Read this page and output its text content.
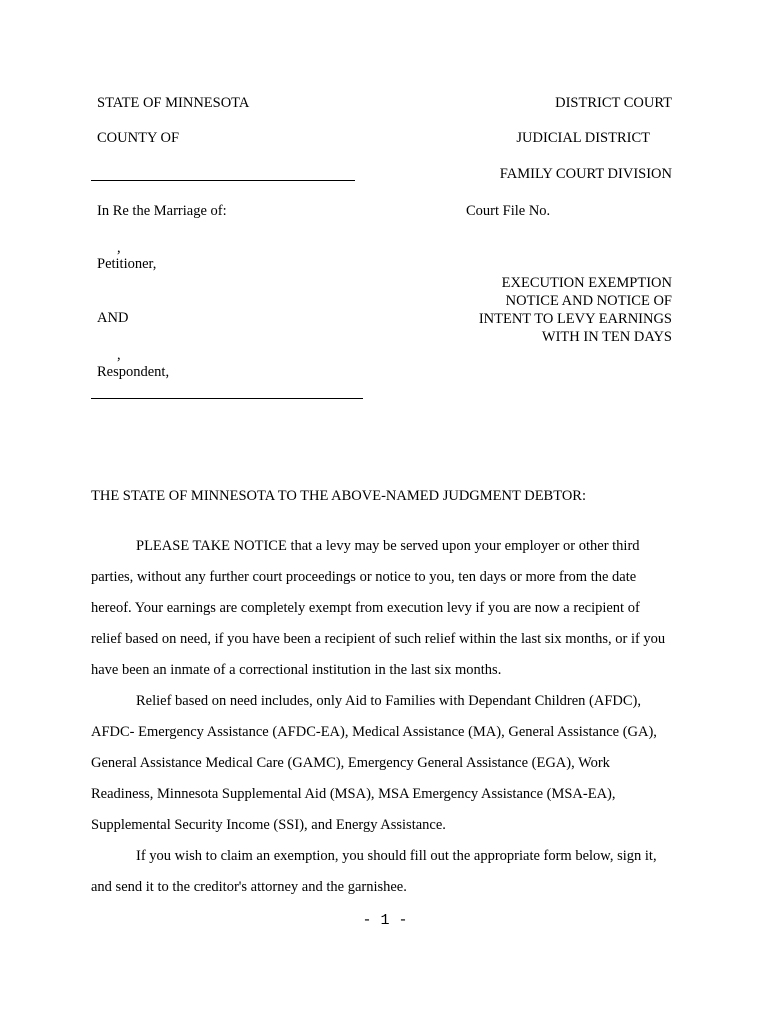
STATE OF MINNESOTA	DISTRICT COURT
COUNTY OF	JUDICIAL DISTRICT
FAMILY COURT DIVISION
In Re the Marriage of:	Court File No.
,
Petitioner,
EXECUTION EXEMPTION
NOTICE AND NOTICE OF
INTENT TO LEVY EARNINGS
WITH IN TEN DAYS
AND
,
Respondent,
THE STATE OF MINNESOTA TO THE ABOVE-NAMED JUDGMENT DEBTOR:
PLEASE TAKE NOTICE that a levy may be served upon your employer or other third
parties, without any further court proceedings or notice to you, ten days or more from the date
hereof. Your earnings are completely exempt from execution levy if you are now a recipient of
relief based on need, if you have been a recipient of such relief within the last six months, or if you
have been an inmate of a correctional institution in the last six months.
Relief based on need includes, only Aid to Families with Dependant Children (AFDC),
AFDC- Emergency Assistance (AFDC-EA), Medical Assistance (MA), General Assistance (GA),
General Assistance Medical Care (GAMC), Emergency General Assistance (EGA), Work
Readiness, Minnesota Supplemental Aid (MSA), MSA Emergency Assistance (MSA-EA),
Supplemental Security Income (SSI), and Energy Assistance.
If you wish to claim an exemption, you should fill out the appropriate form below, sign it,
and send it to the creditor's attorney and the garnishee.
- 1 -
